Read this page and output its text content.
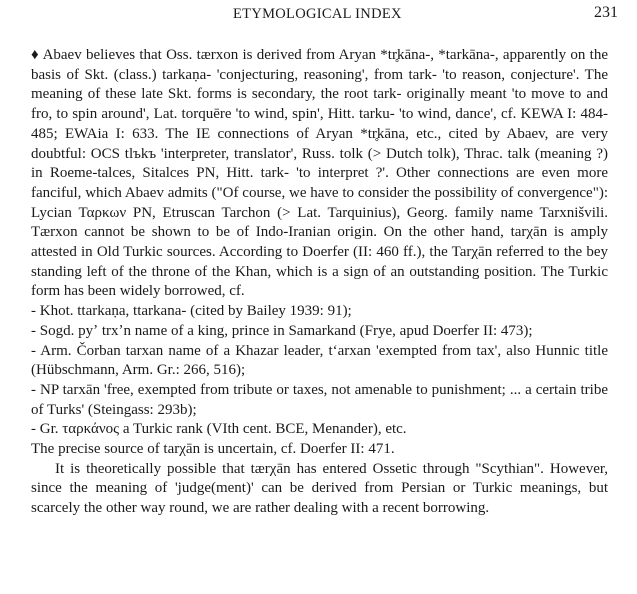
ETYMOLOGICAL INDEX	231

♦ Abaev believes that Oss. tærxon is derived from Aryan *tr̥kāna-, *tarkāna-, apparently on the basis of Skt. (class.) tarkaṇa- 'conjecturing, reasoning', from tark- 'to reason, conjecture'. The meaning of these late Skt. forms is secondary, the root tark- originally meant 'to move to and fro, to spin around', Lat. torquēre 'to wind, spin', Hitt. tarku- 'to wind, dance', cf. KEWA I: 484-485; EWAia I: 633. The IE connections of Aryan *tr̥kāna, etc., cited by Abaev, are very doubtful: OCS tlъkъ 'interpreter, translator', Russ. tolk (> Dutch tolk), Thrac. talk (meaning ?) in Roeme-talces, Sitalces PN, Hitt. tark- 'to interpret ?'. Other connections are even more fanciful, which Abaev admits ("Of course, we have to consider the possibility of convergence"): Lycian Ταρκων PN, Etruscan Tarchon (> Lat. Tarquinius), Georg. family name Tarxnišvili. Tærxon cannot be shown to be of Indo-Iranian origin. On the other hand, tarχān is amply attested in Old Turkic sources. According to Doerfer (II: 460 ff.), the Tarχān referred to the bey standing left of the throne of the Khan, which is a sign of an outstanding position. The Turkic form has been widely borrowed, cf.

- Khot. ttarkaṇa, ttarkana- (cited by Bailey 1939: 91);

- Sogd. pyʼ trxʼn name of a king, prince in Samarkand (Frye, apud Doerfer II: 473);

- Arm. Čorban tarxan name of a Khazar leader, tʻarxan 'exempted from tax', also Hunnic title (Hübschmann, Arm. Gr.: 266, 516);

- NP tarxān 'free, exempted from tribute or taxes, not amenable to punishment; ... a certain tribe of Turks' (Steingass: 293b);

- Gr. ταρκάνος a Turkic rank (VIth cent. BCE, Menander), etc.

The precise source of tarχān is uncertain, cf. Doerfer II: 471.

It is theoretically possible that tærχān has entered Ossetic through "Scythian". However, since the meaning of 'judge(ment)' can be derived from Persian or Turkic meanings, but scarcely the other way round, we are rather dealing with a recent borrowing.
